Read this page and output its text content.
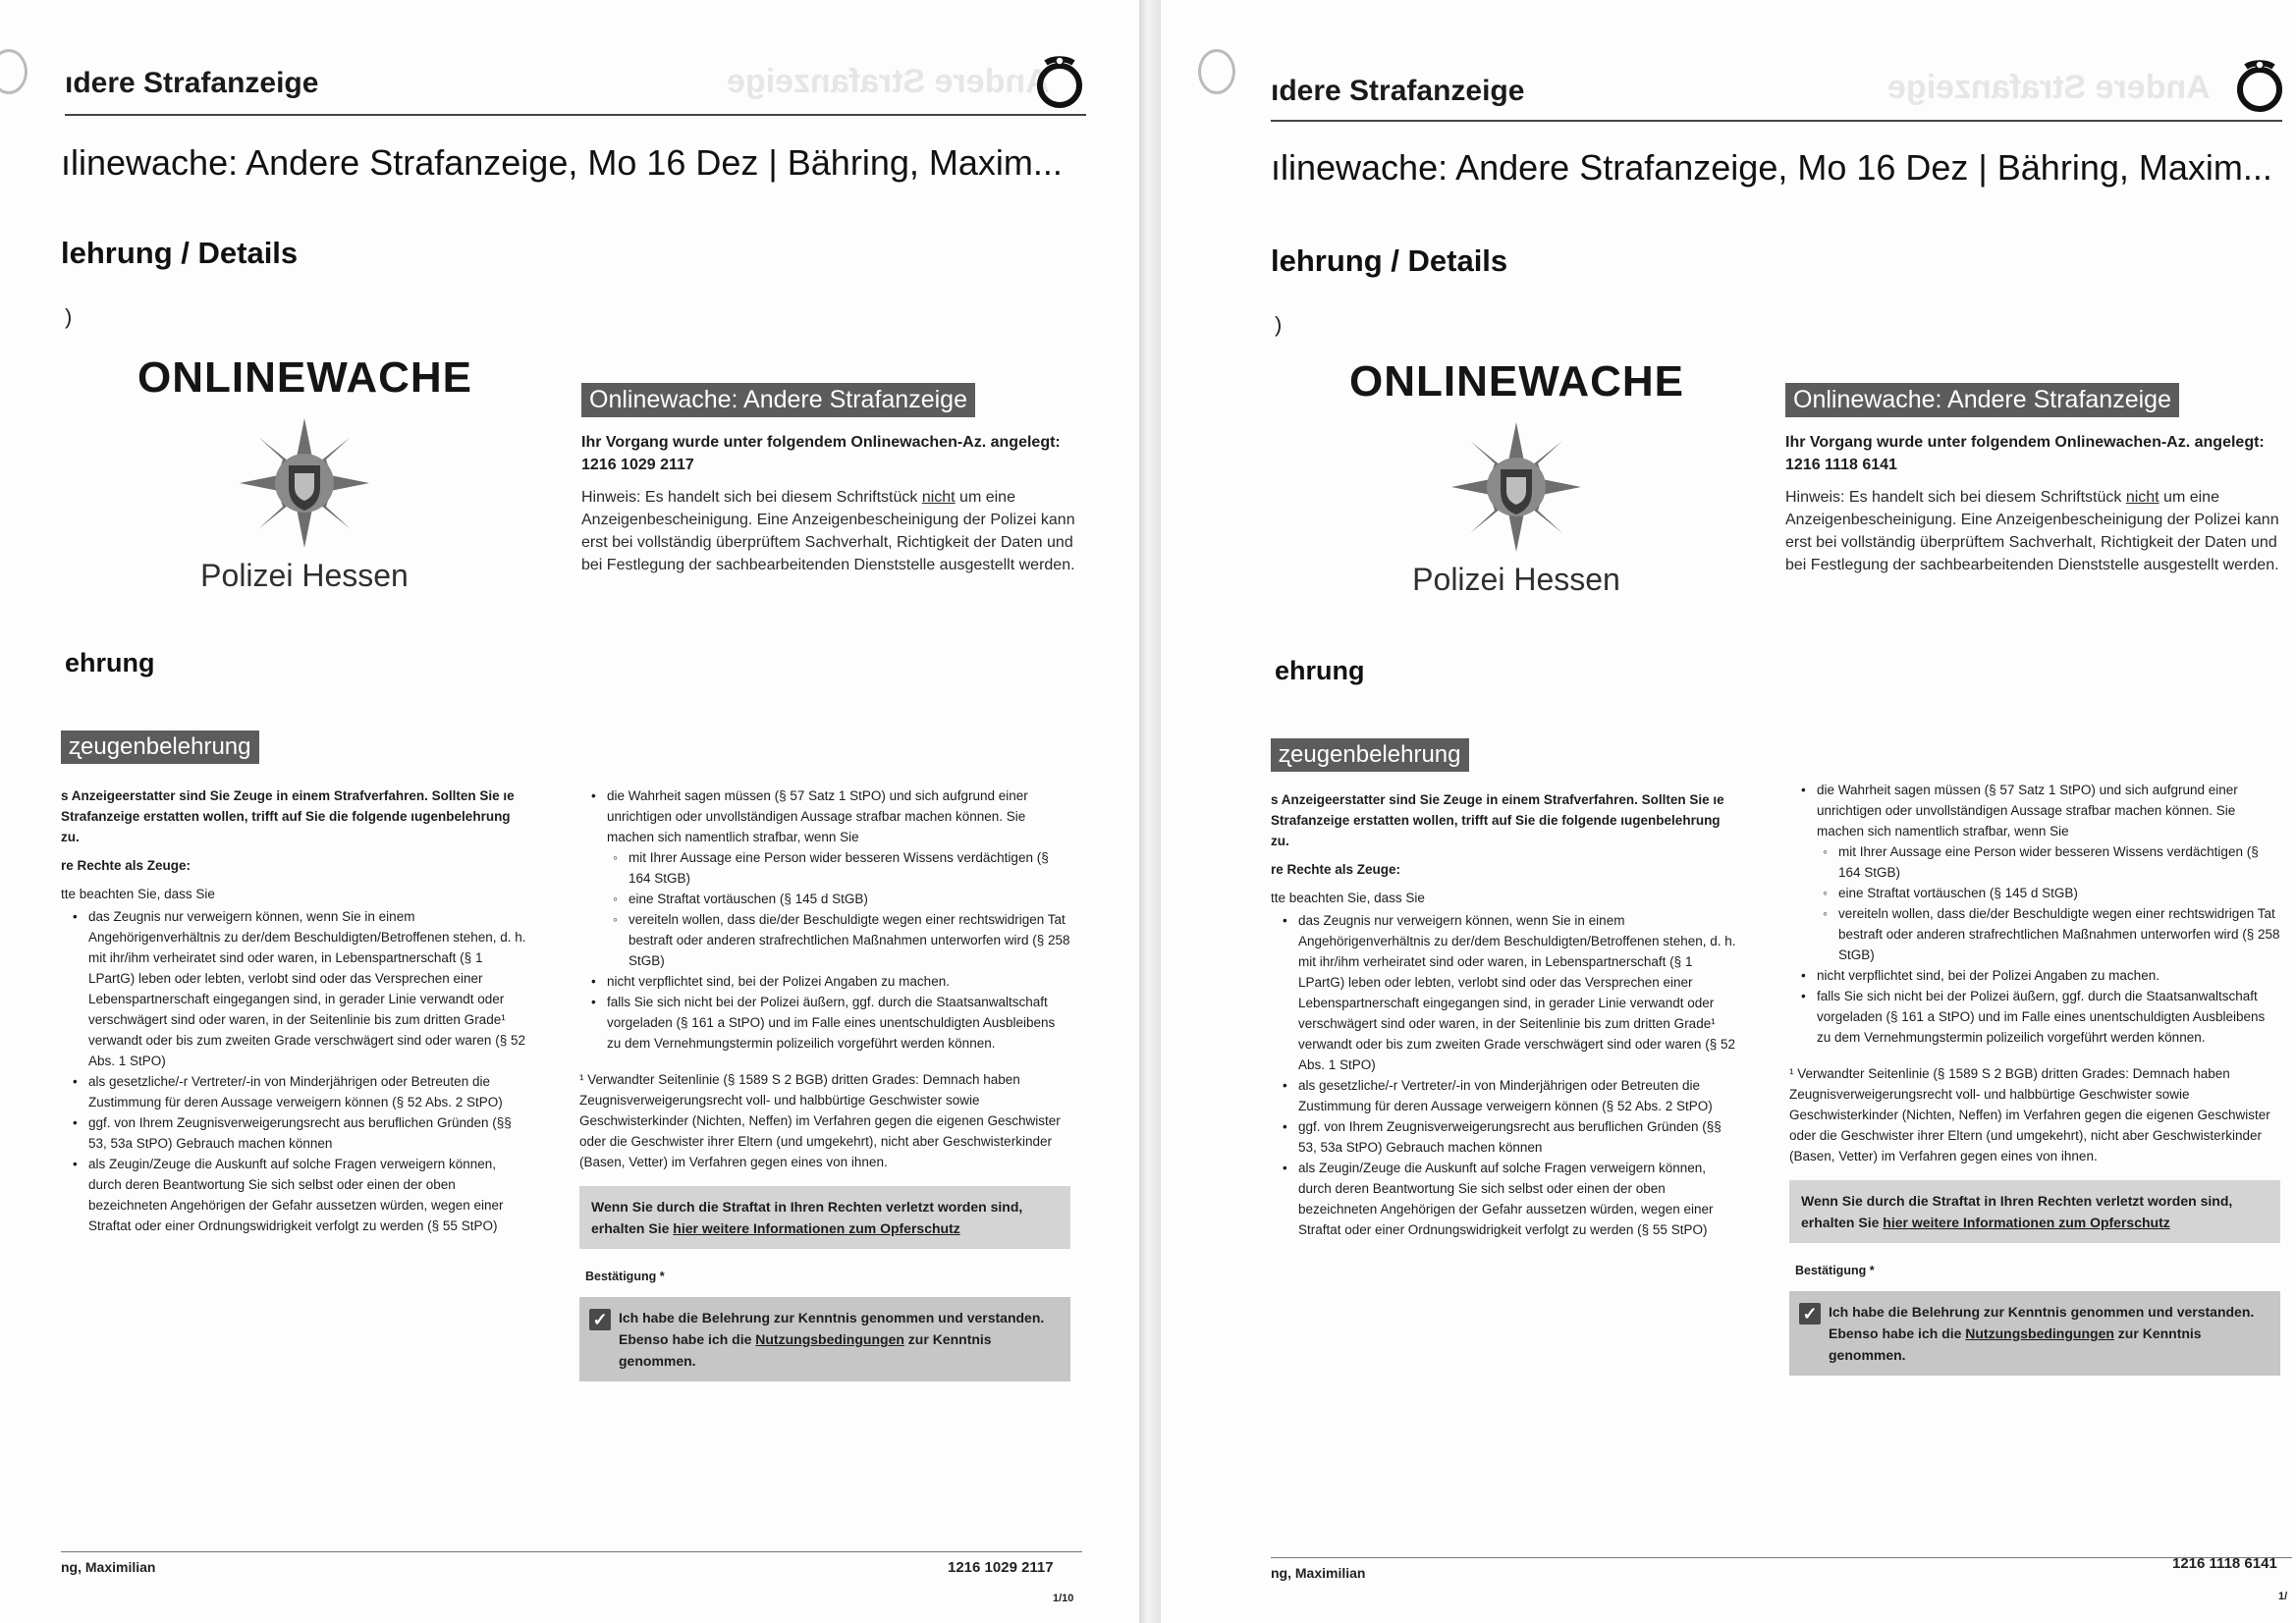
Andere Strafanzeige
ıdere Strafanzeige
ılinewache: Andere Strafanzeige, Mo 16 Dez | Bähring, Maxim...
lehrung / Details
)
ONLINEWACHE
Polizei Hessen
Onlinewache: Andere Strafanzeige
Ihr Vorgang wurde unter folgendem Onlinewachen-Az. angelegt: 1216 1029 2117
Hinweis: Es handelt sich bei diesem Schriftstück nicht um eine Anzeigenbescheinigung. Eine Anzeigenbescheinigung der Polizei kann erst bei vollständig überprüftem Sachverhalt, Richtigkeit der Daten und bei Festlegung der sachbearbeitenden Dienststelle ausgestellt werden.
ehrung
ʐeugenbelehrung

s Anzeigeerstatter sind Sie Zeuge in einem Strafverfahren. Sollten Sie ıe Strafanzeige erstatten wollen, trifft auf Sie die folgende ıugenbelehrung zu.

re Rechte als Zeuge:

tte beachten Sie, dass Sie

• das Zeugnis nur verweigern können, wenn Sie in einem Angehörigenverhältnis zu der/dem Beschuldigten/Betroffenen stehen, d. h. mit ihr/ihm verheiratet sind oder waren, in Lebenspartnerschaft (§ 1 LPartG) leben oder lebten, verlobt sind oder das Versprechen einer Lebenspartnerschaft eingegangen sind, in gerader Linie verwandt oder verschwägert sind oder waren, in der Seitenlinie bis zum dritten Grade¹ verwandt oder bis zum zweiten Grade verschwägert sind oder waren (§ 52 Abs. 1 StPO)
• als gesetzliche/-r Vertreter/-in von Minderjährigen oder Betreuten die Zustimmung für deren Aussage verweigern können (§ 52 Abs. 2 StPO)
• ggf. von Ihrem Zeugnisverweigerungsrecht aus beruflichen Gründen (§§ 53, 53a StPO) Gebrauch machen können
• als Zeugin/Zeuge die Auskunft auf solche Fragen verweigern können, durch deren Beantwortung Sie sich selbst oder einen der oben bezeichneten Angehörigen der Gefahr aussetzen würden, wegen einer Straftat oder einer Ordnungswidrigkeit verfolgt zu werden (§ 55 StPO)
• die Wahrheit sagen müssen (§ 57 Satz 1 StPO) und sich aufgrund einer unrichtigen oder unvollständigen Aussage strafbar machen können. Sie machen sich namentlich strafbar, wenn Sie
◦ mit Ihrer Aussage eine Person wider besseren Wissens verdächtigen (§ 164 StGB)
◦ eine Straftat vortäuschen (§ 145 d StGB)
◦ vereiteln wollen, dass die/der Beschuldigte wegen einer rechtswidrigen Tat bestraft oder anderen strafrechtlichen Maßnahmen unterworfen wird (§ 258 StGB)
• nicht verpflichtet sind, bei der Polizei Angaben zu machen.
• falls Sie sich nicht bei der Polizei äußern, ggf. durch die Staatsanwaltschaft vorgeladen (§ 161 a StPO) und im Falle eines unentschuldigten Ausbleibens zu dem Vernehmungstermin polizeilich vorgeführt werden können.
¹ Verwandter Seitenlinie (§ 1589 S 2 BGB) dritten Grades: Demnach haben Zeugnisverweigerungsrecht voll- und halbbürtige Geschwister sowie Geschwisterkinder (Nichten, Neffen) im Verfahren gegen die eigenen Geschwister oder die Geschwister ihrer Eltern (und umgekehrt), nicht aber Geschwisterkinder (Basen, Vetter) im Verfahren gegen eines von ihnen.
Wenn Sie durch die Straftat in Ihren Rechten verletzt worden sind, erhalten Sie hier weitere Informationen zum Opferschutz
Bestätigung *
✓ Ich habe die Belehrung zur Kenntnis genommen und verstanden. Ebenso habe ich die Nutzungsbedingungen zur Kenntnis genommen.
ng, Maximilian	1216 1029 2117
1/10
Andere Strafanzeige
ıdere Strafanzeige
ılinewache: Andere Strafanzeige, Mo 16 Dez | Bähring, Maxim...
lehrung / Details
)
ONLINEWACHE
Polizei Hessen
Onlinewache: Andere Strafanzeige
Ihr Vorgang wurde unter folgendem Onlinewachen-Az. angelegt: 1216 1118 6141
Hinweis: Es handelt sich bei diesem Schriftstück nicht um eine Anzeigenbescheinigung. Eine Anzeigenbescheinigung der Polizei kann erst bei vollständig überprüftem Sachverhalt, Richtigkeit der Daten und bei Festlegung der sachbearbeitenden Dienststelle ausgestellt werden.
ehrung
ʐeugenbelehrung

s Anzeigeerstatter sind Sie Zeuge in einem Strafverfahren. Sollten Sie ıe Strafanzeige erstatten wollen, trifft auf Sie die folgende ıugenbelehrung zu.

re Rechte als Zeuge:

tte beachten Sie, dass Sie

• das Zeugnis nur verweigern können, wenn Sie in einem Angehörigenverhältnis zu der/dem Beschuldigten/Betroffenen stehen, d. h. mit ihr/ihm verheiratet sind oder waren, in Lebenspartnerschaft (§ 1 LPartG) leben oder lebten, verlobt sind oder das Versprechen einer Lebenspartnerschaft eingegangen sind, in gerader Linie verwandt oder verschwägert sind oder waren, in der Seitenlinie bis zum dritten Grade¹ verwandt oder bis zum zweiten Grade verschwägert sind oder waren (§ 52 Abs. 1 StPO)
• als gesetzliche/-r Vertreter/-in von Minderjährigen oder Betreuten die Zustimmung für deren Aussage verweigern können (§ 52 Abs. 2 StPO)
• ggf. von Ihrem Zeugnisverweigerungsrecht aus beruflichen Gründen (§§ 53, 53a StPO) Gebrauch machen können
• als Zeugin/Zeuge die Auskunft auf solche Fragen verweigern können, durch deren Beantwortung Sie sich selbst oder einen der oben bezeichneten Angehörigen der Gefahr aussetzen würden, wegen einer Straftat oder einer Ordnungswidrigkeit verfolgt zu werden (§ 55 StPO)
• die Wahrheit sagen müssen (§ 57 Satz 1 StPO) und sich aufgrund einer unrichtigen oder unvollständigen Aussage strafbar machen können. Sie machen sich namentlich strafbar, wenn Sie
◦ mit Ihrer Aussage eine Person wider besseren Wissens verdächtigen (§ 164 StGB)
◦ eine Straftat vortäuschen (§ 145 d StGB)
◦ vereiteln wollen, dass die/der Beschuldigte wegen einer rechtswidrigen Tat bestraft oder anderen strafrechtlichen Maßnahmen unterworfen wird (§ 258 StGB)
• nicht verpflichtet sind, bei der Polizei Angaben zu machen.
• falls Sie sich nicht bei der Polizei äußern, ggf. durch die Staatsanwaltschaft vorgeladen (§ 161 a StPO) und im Falle eines unentschuldigten Ausbleibens zu dem Vernehmungstermin polizeilich vorgeführt werden können.
¹ Verwandter Seitenlinie (§ 1589 S 2 BGB) dritten Grades: Demnach haben Zeugnisverweigerungsrecht voll- und halbbürtige Geschwister sowie Geschwisterkinder (Nichten, Neffen) im Verfahren gegen die eigenen Geschwister oder die Geschwister ihrer Eltern (und umgekehrt), nicht aber Geschwisterkinder (Basen, Vetter) im Verfahren gegen eines von ihnen.
Wenn Sie durch die Straftat in Ihren Rechten verletzt worden sind, erhalten Sie hier weitere Informationen zum Opferschutz
Bestätigung *
✓ Ich habe die Belehrung zur Kenntnis genommen und verstanden. Ebenso habe ich die Nutzungsbedingungen zur Kenntnis genommen.
ng, Maximilian
1216 1118 6141
1/
